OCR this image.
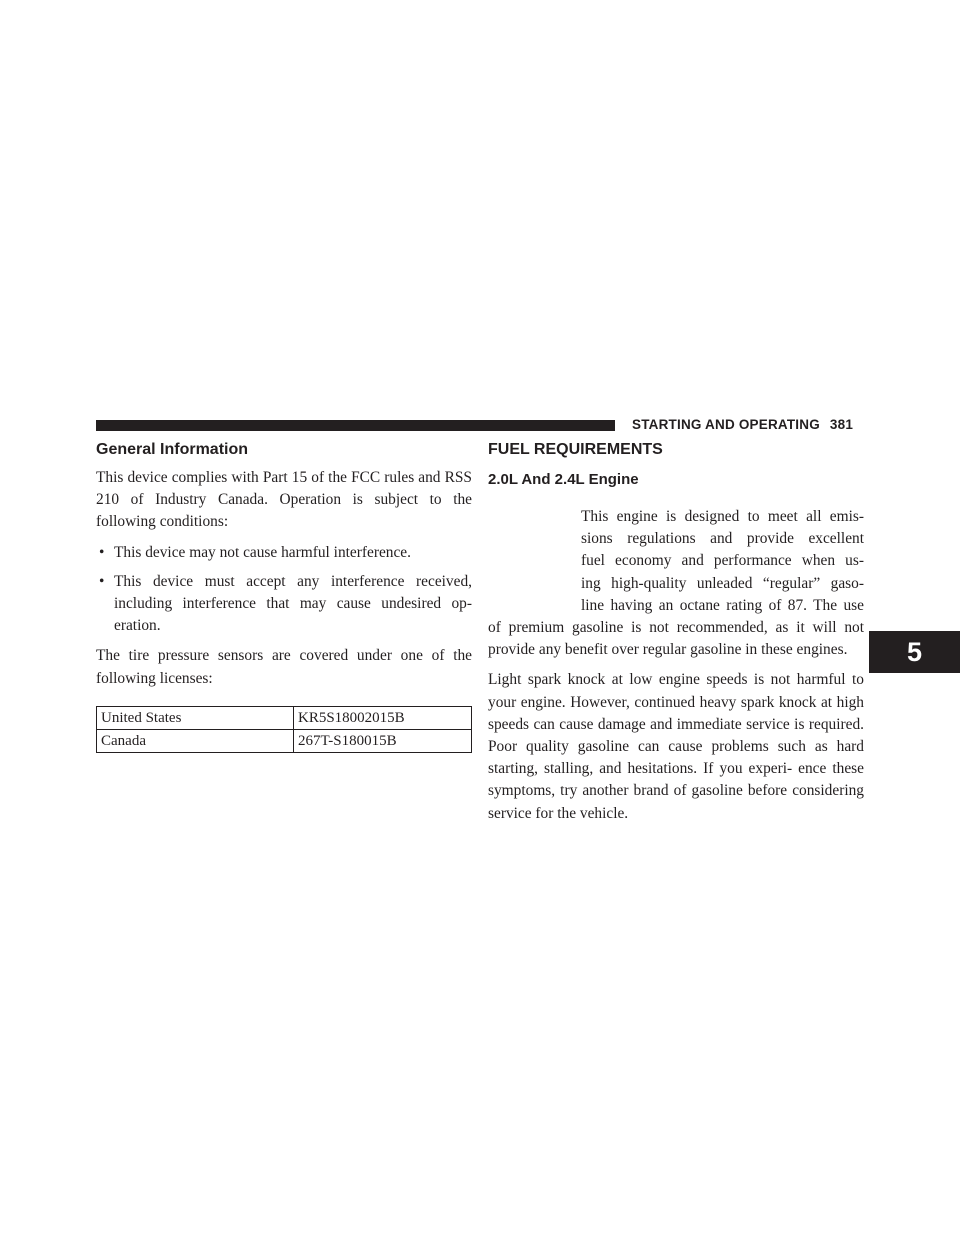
STARTING AND OPERATING 381
5
General Information

This device complies with Part 15 of the FCC rules and RSS 210 of Industry Canada. Operation is subject to the following conditions:

• This device may not cause harmful interference.
• This device must accept any interference received, including interference that may cause undesired op- eration.

The tire pressure sensors are covered under one of the following licenses:

United States	KR5S18002015B
Canada	267T-S180015B
FUEL REQUIREMENTS
2.0L And 2.4L Engine
This engine is designed to meet all emis-
sions regulations and provide excellent
fuel economy and performance when us-
ing high-quality unleaded “regular” gaso-
line having an octane rating of 87. The use
of premium gasoline is not recommended, as it will not provide any benefit over regular gasoline in these engines.

Light spark knock at low engine speeds is not harmful to your engine. However, continued heavy spark knock at high speeds can cause damage and immediate service is required. Poor quality gasoline can cause problems such as hard starting, stalling, and hesitations. If you experi- ence these symptoms, try another brand of gasoline before considering service for the vehicle.
